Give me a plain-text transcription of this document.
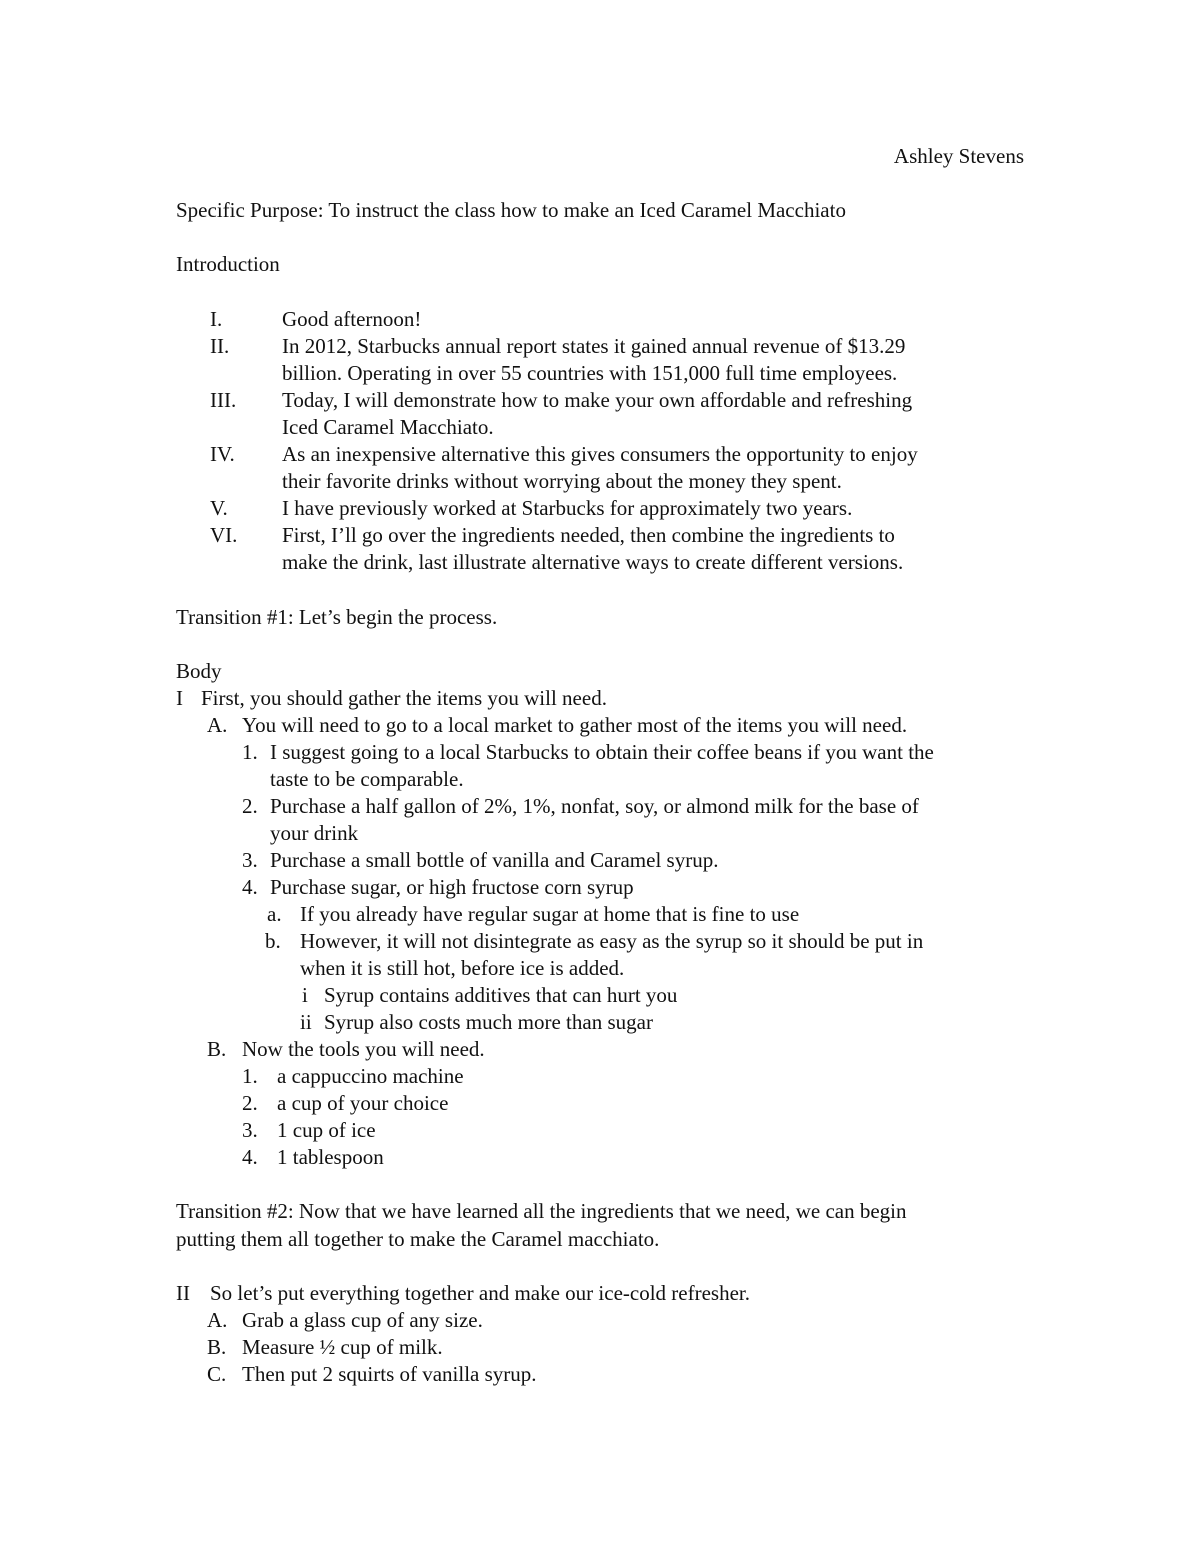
Ashley Stevens
Specific Purpose: To instruct the class how to make an Iced Caramel Macchiato
Introduction
I.	Good afternoon!
II.	In 2012, Starbucks annual report states it gained annual revenue of $13.29
billion. Operating in over 55 countries with 151,000 full time employees.
III. Today, I will demonstrate how to make your own affordable and refreshing
Iced Caramel Macchiato.
IV. As an inexpensive alternative this gives consumers the opportunity to enjoy
their favorite drinks without worrying about the money they spent.
V.	I have previously worked at Starbucks for approximately two years.
VI. First, I’ll go over the ingredients needed, then combine the ingredients to
make the drink, last illustrate alternative ways to create different versions.
Transition #1: Let’s begin the process.
Body
I First, you should gather the items you will need.
A. You will need to go to a local market to gather most of the items you will need.
1. I suggest going to a local Starbucks to obtain their coffee beans if you want the
taste to be comparable.
2. Purchase a half gallon of 2%, 1%, nonfat, soy, or almond milk for the base of
your drink
3. Purchase a small bottle of vanilla and Caramel syrup.
4. Purchase sugar, or high fructose corn syrup
a. If you already have regular sugar at home that is fine to use
b. However, it will not disintegrate as easy as the syrup so it should be put in
when it is still hot, before ice is added.
i Syrup contains additives that can hurt you
ii Syrup also costs much more than sugar
B. Now the tools you will need.
1. a cappuccino machine
2. a cup of your choice
3. 1 cup of ice
4. 1 tablespoon
Transition #2: Now that we have learned all the ingredients that we need, we can begin
putting them all together to make the Caramel macchiato.
II So let’s put everything together and make our ice-cold refresher.
A. Grab a glass cup of any size.
B. Measure ½ cup of milk.
C. Then put 2 squirts of vanilla syrup.
